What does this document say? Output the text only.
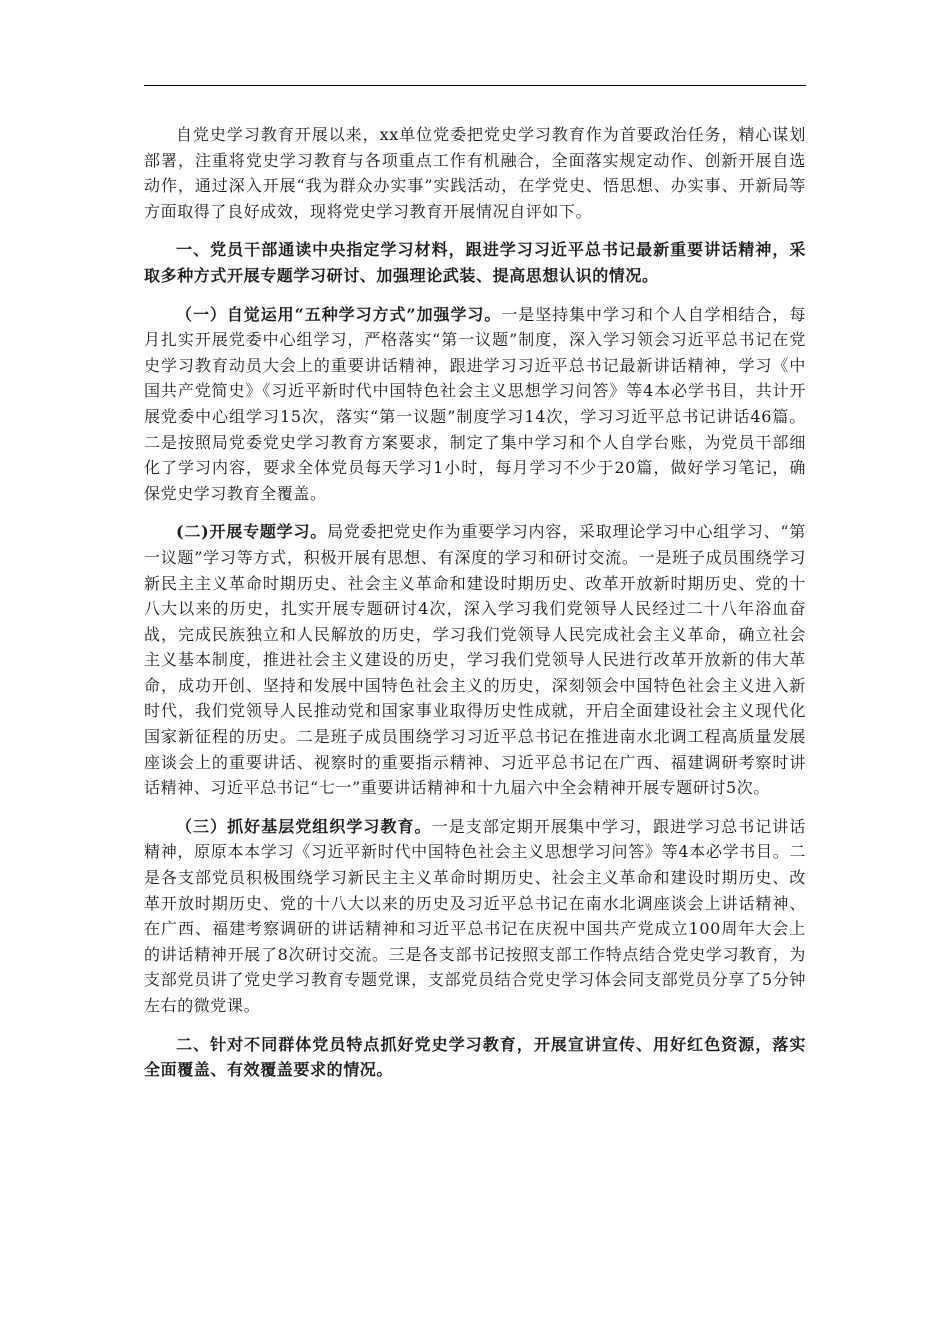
自党史学习教育开展以来，xx单位党委把党史学习教育作为首要政治任务，精心谋划部署，注重将党史学习教育与各项重点工作有机融合，全面落实规定动作、创新开展自选动作，通过深入开展“我为群众办实事”实践活动，在学党史、悟思想、办实事、开新局等方面取得了良好成效，现将党史学习教育开展情况自评如下。

一、党员干部通读中央指定学习材料，跟进学习习近平总书记最新重要讲话精神，采取多种方式开展专题学习研讨、加强理论武装、提高思想认识的情况。

（一）自觉运用“五种学习方式”加强学习。一是坚持集中学习和个人自学相结合，每月扎实开展党委中心组学习，严格落实“第一议题”制度，深入学习领会习近平总书记在党史学习教育动员大会上的重要讲话精神，跟进学习习近平总书记最新讲话精神，学习《中国共产党简史》《习近平新时代中国特色社会主义思想学习问答》等4本必学书目，共计开展党委中心组学习15次，落实“第一议题”制度学习14次，学习习近平总书记讲话46篇。二是按照局党委党史学习教育方案要求，制定了集中学习和个人自学台账，为党员干部细化了学习内容，要求全体党员每天学习1小时，每月学习不少于20篇，做好学习笔记，确保党史学习教育全覆盖。

(二)开展专题学习。局党委把党史作为重要学习内容，采取理论学习中心组学习、“第一议题”学习等方式，积极开展有思想、有深度的学习和研讨交流。一是班子成员围绕学习新民主主义革命时期历史、社会主义革命和建设时期历史、改革开放新时期历史、党的十八大以来的历史，扎实开展专题研讨4次，深入学习我们党领导人民经过二十八年浴血奋战，完成民族独立和人民解放的历史，学习我们党领导人民完成社会主义革命，确立社会主义基本制度，推进社会主义建设的历史，学习我们党领导人民进行改革开放新的伟大革命，成功开创、坚持和发展中国特色社会主义的历史，深刻领会中国特色社会主义进入新时代，我们党领导人民推动党和国家事业取得历史性成就，开启全面建设社会主义现代化国家新征程的历史。二是班子成员围绕学习习近平总书记在推进南水北调工程高质量发展座谈会上的重要讲话、视察时的重要指示精神、习近平总书记在广西、福建调研考察时讲话精神、习近平总书记“七一”重要讲话精神和十九届六中全会精神开展专题研讨5次。

（三）抓好基层党组织学习教育。一是支部定期开展集中学习，跟进学习总书记讲话精神，原原本本学习《习近平新时代中国特色社会主义思想学习问答》等4本必学书目。二是各支部党员积极围绕学习新民主主义革命时期历史、社会主义革命和建设时期历史、改革开放时期历史、党的十八大以来的历史及习近平总书记在南水北调座谈会上讲话精神、在广西、福建考察调研的讲话精神和习近平总书记在庆祝中国共产党成立100周年大会上的讲话精神开展了8次研讨交流。三是各支部书记按照支部工作特点结合党史学习教育，为支部党员讲了党史学习教育专题党课，支部党员结合党史学习体会同支部党员分享了5分钟左右的微党课。

二、针对不同群体党员特点抓好党史学习教育，开展宣讲宣传、用好红色资源，落实全面覆盖、有效覆盖要求的情况。
